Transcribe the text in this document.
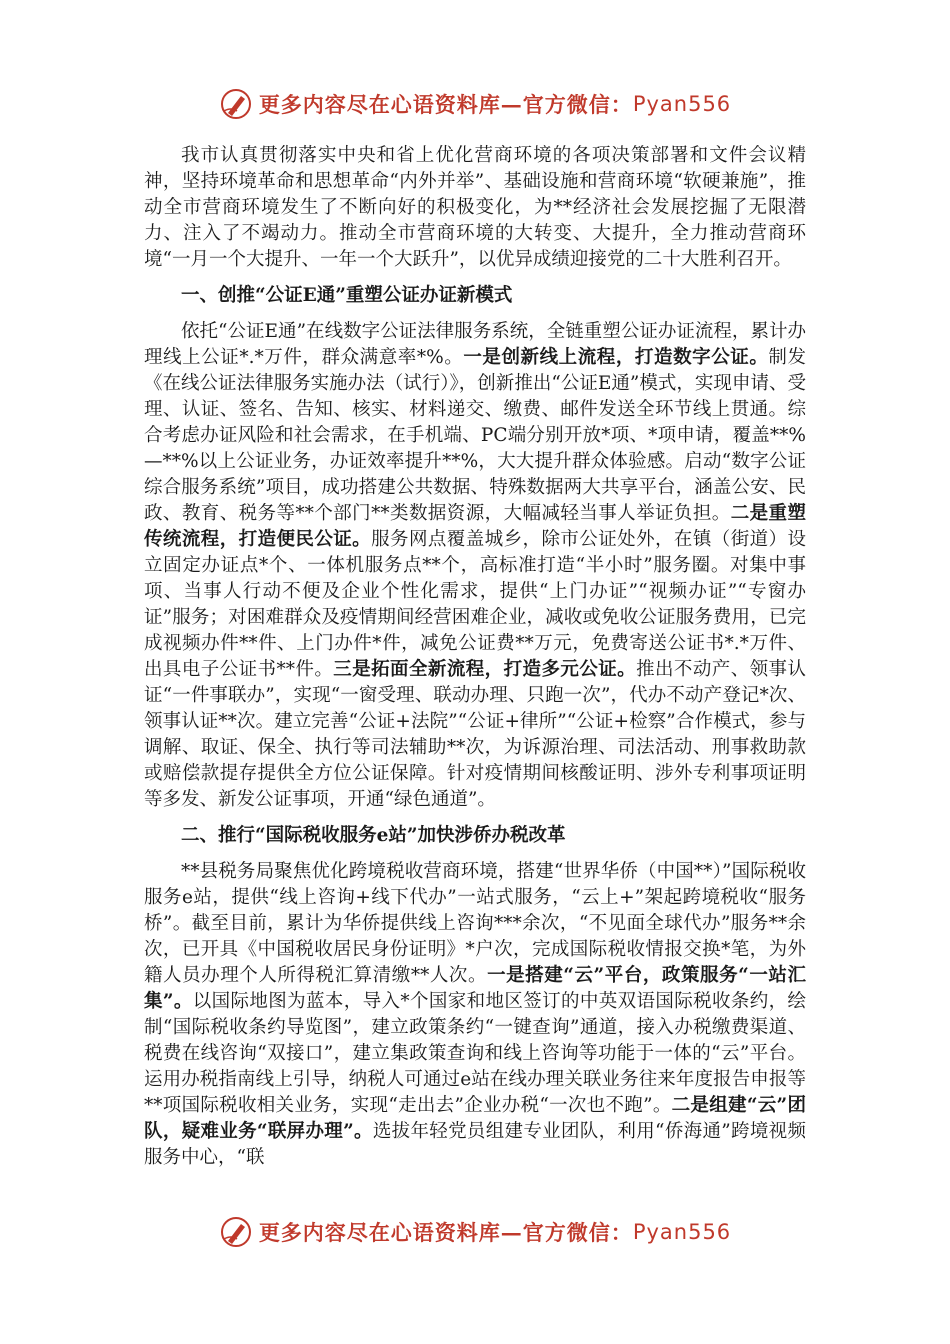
更多内容尽在心语资料库—官方微信： Pyan556

我市认真贯彻落实中央和省上优化营商环境的各项决策部署和文件会议精神，坚持环境革命和思想革命“内外并举”、基础设施和营商环境“软硬兼施”，推动全市营商环境发生了不断向好的积极变化，为**经济社会发展挖掘了无限潜力、注入了不竭动力。推动全市营商环境的大转变、大提升，全力推动营商环境“一月一个大提升、一年一个大跃升”，以优异成绩迎接党的二十大胜利召开。

一、创推“公证E通”重塑公证办证新模式

依托“公证E通”在线数字公证法律服务系统，全链重塑公证办证流程，累计办理线上公证*.*万件，群众满意率*%。一是创新线上流程，打造数字公证。制发《在线公证法律服务实施办法（试行）》，创新推出“公证E通”模式，实现申请、受理、认证、签名、告知、核实、材料递交、缴费、邮件发送全环节线上贯通。综合考虑办证风险和社会需求，在手机端、PC端分别开放*项、*项申请，覆盖**%—**%以上公证业务，办证效率提升**%，大大提升群众体验感。启动“数字公证综合服务系统”项目，成功搭建公共数据、特殊数据两大共享平台，涵盖公安、民政、教育、税务等**个部门**类数据资源，大幅减轻当事人举证负担。二是重塑传统流程，打造便民公证。服务网点覆盖城乡，除市公证处外，在镇（街道）设立固定办证点*个、一体机服务点**个，高标准打造“半小时”服务圈。对集中事项、当事人行动不便及企业个性化需求，提供“上门办证”“视频办证”“专窗办证”服务；对困难群众及疫情期间经营困难企业，减收或免收公证服务费用，已完成视频办件**件、上门办件*件，减免公证费**万元，免费寄送公证书*.*万件、出具电子公证书**件。三是拓面全新流程，打造多元公证。推出不动产、领事认证“一件事联办”，实现“一窗受理、联动办理、只跑一次”，代办不动产登记*次、领事认证**次。建立完善“公证+法院”“公证+律所”“公证+检察”合作模式，参与调解、取证、保全、执行等司法辅助**次，为诉源治理、司法活动、刑事救助款或赔偿款提存提供全方位公证保障。针对疫情期间核酸证明、涉外专利事项证明等多发、新发公证事项，开通“绿色通道”。

二、推行“国际税收服务e站”加快涉侨办税改革

**县税务局聚焦优化跨境税收营商环境，搭建“世界华侨（中国**）”国际税收服务e站，提供“线上咨询+线下代办”一站式服务，“云上+”架起跨境税收“服务桥”。截至目前，累计为华侨提供线上咨询***余次，“不见面全球代办”服务**余次，已开具《中国税收居民身份证明》*户次，完成国际税收情报交换*笔，为外籍人员办理个人所得税汇算清缴**人次。一是搭建“云”平台，政策服务“一站汇集”。以国际地图为蓝本，导入*个国家和地区签订的中英双语国际税收条约，绘制“国际税收条约导览图”，建立政策条约“一键查询”通道，接入办税缴费渠道、税费在线咨询“双接口”，建立集政策查询和线上咨询等功能于一体的“云”平台。运用办税指南线上引导，纳税人可通过e站在线办理关联业务往来年度报告申报等**项国际税收相关业务，实现“走出去”企业办税“一次也不跑”。二是组建“云”团队，疑难业务“联屏办理”。选拔年轻党员组建专业团队，利用“侨海通”跨境视频服务中心，“联

更多内容尽在心语资料库—官方微信： Pyan556
